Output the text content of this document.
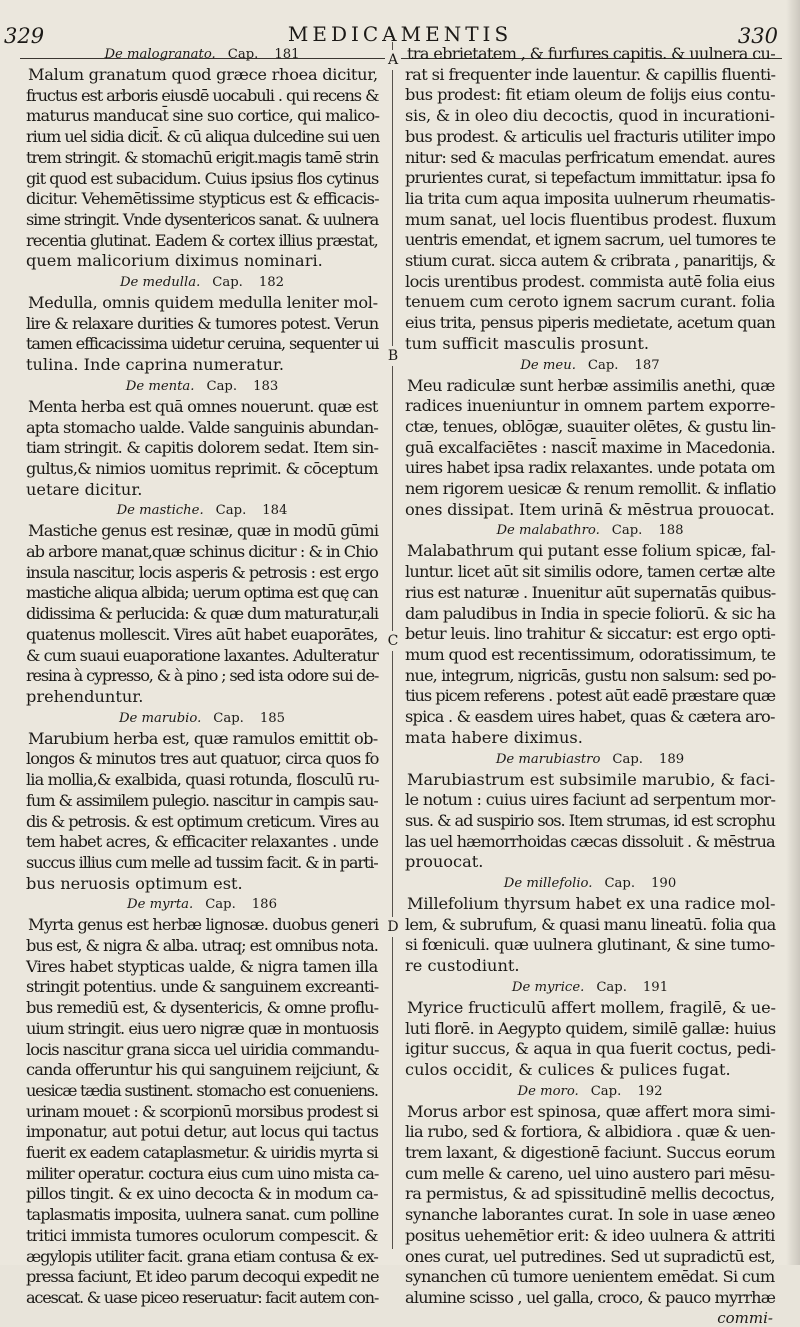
329	MEDICAMENTIS	330
A
B
C
D
De malogranato. Cap. 181
Malum granatum quod græce rhoea dicitur,
fructus est arboris eiusdē uocabuli . qui recens &
maturus manducat̄ sine suo cortice, qui malico-
rium uel sidia dicit̄. & cū aliqua dulcedine sui uen
trem stringit. & stomachū erigit.magis tamē strin
git quod est subacidum. Cuius ipsius flos cytinus
dicitur. Vehemētissime stypticus est & efficacis-
sime stringit. Vnde dysentericos sanat. & uulnera
recentia glutinat. Eadem & cortex illius præstat,
quem malicorium diximus nominari.
De medulla. Cap. 182
Medulla, omnis quidem medulla leniter mol-
lire & relaxare durities & tumores potest. Verun
tamen efficacissima uidetur ceruina, sequenter ui
tulina. Inde caprina numeratur.
De menta. Cap. 183
Menta herba est quā omnes nouerunt. quæ est
apta stomacho ualde. Valde sanguinis abundan-
tiam stringit. & capitis dolorem sedat. Item sin-
gultus,& nimios uomitus reprimit. & cōceptum
uetare dicitur.
De mastiche. Cap. 184
Mastiche genus est resinæ, quæ in modū gūmi
ab arbore manat,quæ schinus dicitur : & in Chio
insula nascitur, locis asperis & petrosis : est ergo
mastiche aliqua albida; uerum optima est quę can
didissima & perlucida: & quæ dum maturatur,ali
quatenus mollescit. Vires aūt habet euaporātes,
& cum suaui euaporatione laxantes. Adulteratur
resina à cypresso, & à pino ; sed ista odore sui de-
prehenduntur.
De marubio. Cap. 185
Marubium herba est, quæ ramulos emittit ob-
longos & minutos tres aut quatuor, circa quos fo
lia mollia,& exalbida, quasi rotunda, flosculū ru-
fum & assimilem pulegio. nascitur in campis sau-
dis & petrosis. & est optimum creticum. Vires au
tem habet acres, & efficaciter relaxantes . unde
succus illius cum melle ad tussim facit. & in parti-
bus neruosis optimum est.
De myrta. Cap. 186
Myrta genus est herbæ lignosæ. duobus generi
bus est, & nigra & alba. utraq; est omnibus nota.
Vires habet stypticas ualde, & nigra tamen illa
stringit potentius. unde & sanguinem excreanti-
bus remediū est, & dysentericis, & omne proflu-
uium stringit. eius uero nigræ quæ in montuosis
locis nascitur grana sicca uel uiridia commandu-
canda offeruntur his qui sanguinem reijciunt, &
uesicæ tædia sustinent. stomacho est conueniens.
urinam mouet : & scorpionū morsibus prodest si
imponatur, aut potui detur, aut locus qui tactus
fuerit ex eadem cataplasmetur. & uiridis myrta si
militer operatur. coctura eius cum uino mista ca-
pillos tingit. & ex uino decocta & in modum ca-
taplasmatis imposita, uulnera sanat. cum polline
tritici immista tumores oculorum compescit. &
ægylopis utiliter facit. grana etiam contusa & ex-
pressa faciunt, Et ideo parum decoqui expedit ne
acescat. & uase piceo reseruatur: facit autem con-
tra ebrietatem , & furfures capitis. & uulnera cu-
rat si frequenter inde lauentur. & capillis fluenti-
bus prodest: fit etiam oleum de folijs eius contu-
sis, & in oleo diu decoctis, quod in incurationi-
bus prodest. & articulis uel fracturis utiliter impo
nitur: sed & maculas perfricatum emendat. aures
prurientes curat, si tepefactum immittatur. ipsa fo
lia trita cum aqua imposita uulnerum rheumatis-
mum sanat, uel locis fluentibus prodest. fluxum
uentris emendat, et ignem sacrum, uel tumores te
stium curat. sicca autem & cribrata , panaritijs, &
locis urentibus prodest. commista autē folia eius
tenuem cum ceroto ignem sacrum curant. folia
eius trita, pensus piperis medietate, acetum quan
tum sufficit masculis prosunt.
De meu. Cap. 187
Meu radiculæ sunt herbæ assimilis anethi, quæ
radices inueniuntur in omnem partem exporre-
ctæ, tenues, oblōgæ, suauiter olētes, & gustu lin-
guā excalfaciētes : nascit̄ maxime in Macedonia.
uires habet ipsa radix relaxantes. unde potata om
nem rigorem uesicæ & renum remollit. & inflatio
ones dissipat. Item urinā & mēstrua prouocat.
De malabathro. Cap. 188
Malabathrum qui putant esse folium spicæ, fal-
luntur. licet aūt sit similis odore, tamen certæ alte
rius est naturæ . Inuenitur aūt supernatās quibus-
dam paludibus in India in specie foliorū. & sic ha
betur leuis. lino trahitur & siccatur: est ergo opti-
mum quod est recentissimum, odoratissimum, te
nue, integrum, nigricās, gustu non salsum: sed po-
tius picem referens . potest aūt eadē præstare quæ
spica . & easdem uires habet, quas & cætera aro-
mata habere diximus.
De marubiastro Cap. 189
Marubiastrum est subsimile marubio, & faci-
le notum : cuius uires faciunt ad serpentum mor-
sus. & ad suspirio sos. Item strumas, id est scrophu
las uel hæmorrhoidas cæcas dissoluit . & mēstrua
prouocat.
De millefolio. Cap. 190
Millefolium thyrsum habet ex una radice mol-
lem, & subrufum, & quasi manu lineatū. folia qua
si fœniculi. quæ uulnera glutinant, & sine tumo-
re custodiunt.
De myrice. Cap. 191
Myrice fructiculū affert mollem, fragilē, & ue-
luti florē. in Aegypto quidem, similē gallæ: huius
igitur succus, & aqua in qua fuerit coctus, pedi-
culos occidit, & culices & pulices fugat.
De moro. Cap. 192
Morus arbor est spinosa, quæ affert mora simi-
lia rubo, sed & fortiora, & albidiora . quæ & uen-
trem laxant, & digestionē faciunt. Succus eorum
cum melle & careno, uel uino austero pari mēsu-
ra permistus, & ad spissitudinē mellis decoctus,
synanche laborantes curat. In sole in uase æneo
positus uehemētior erit: & ideo uulnera & attriti
ones curat, uel putredines. Sed ut supradictū est,
synanchen cū tumore uenientem emēdat. Si cum
alumine scisso , uel galla, croco, & pauco myrrhæ
commi-
